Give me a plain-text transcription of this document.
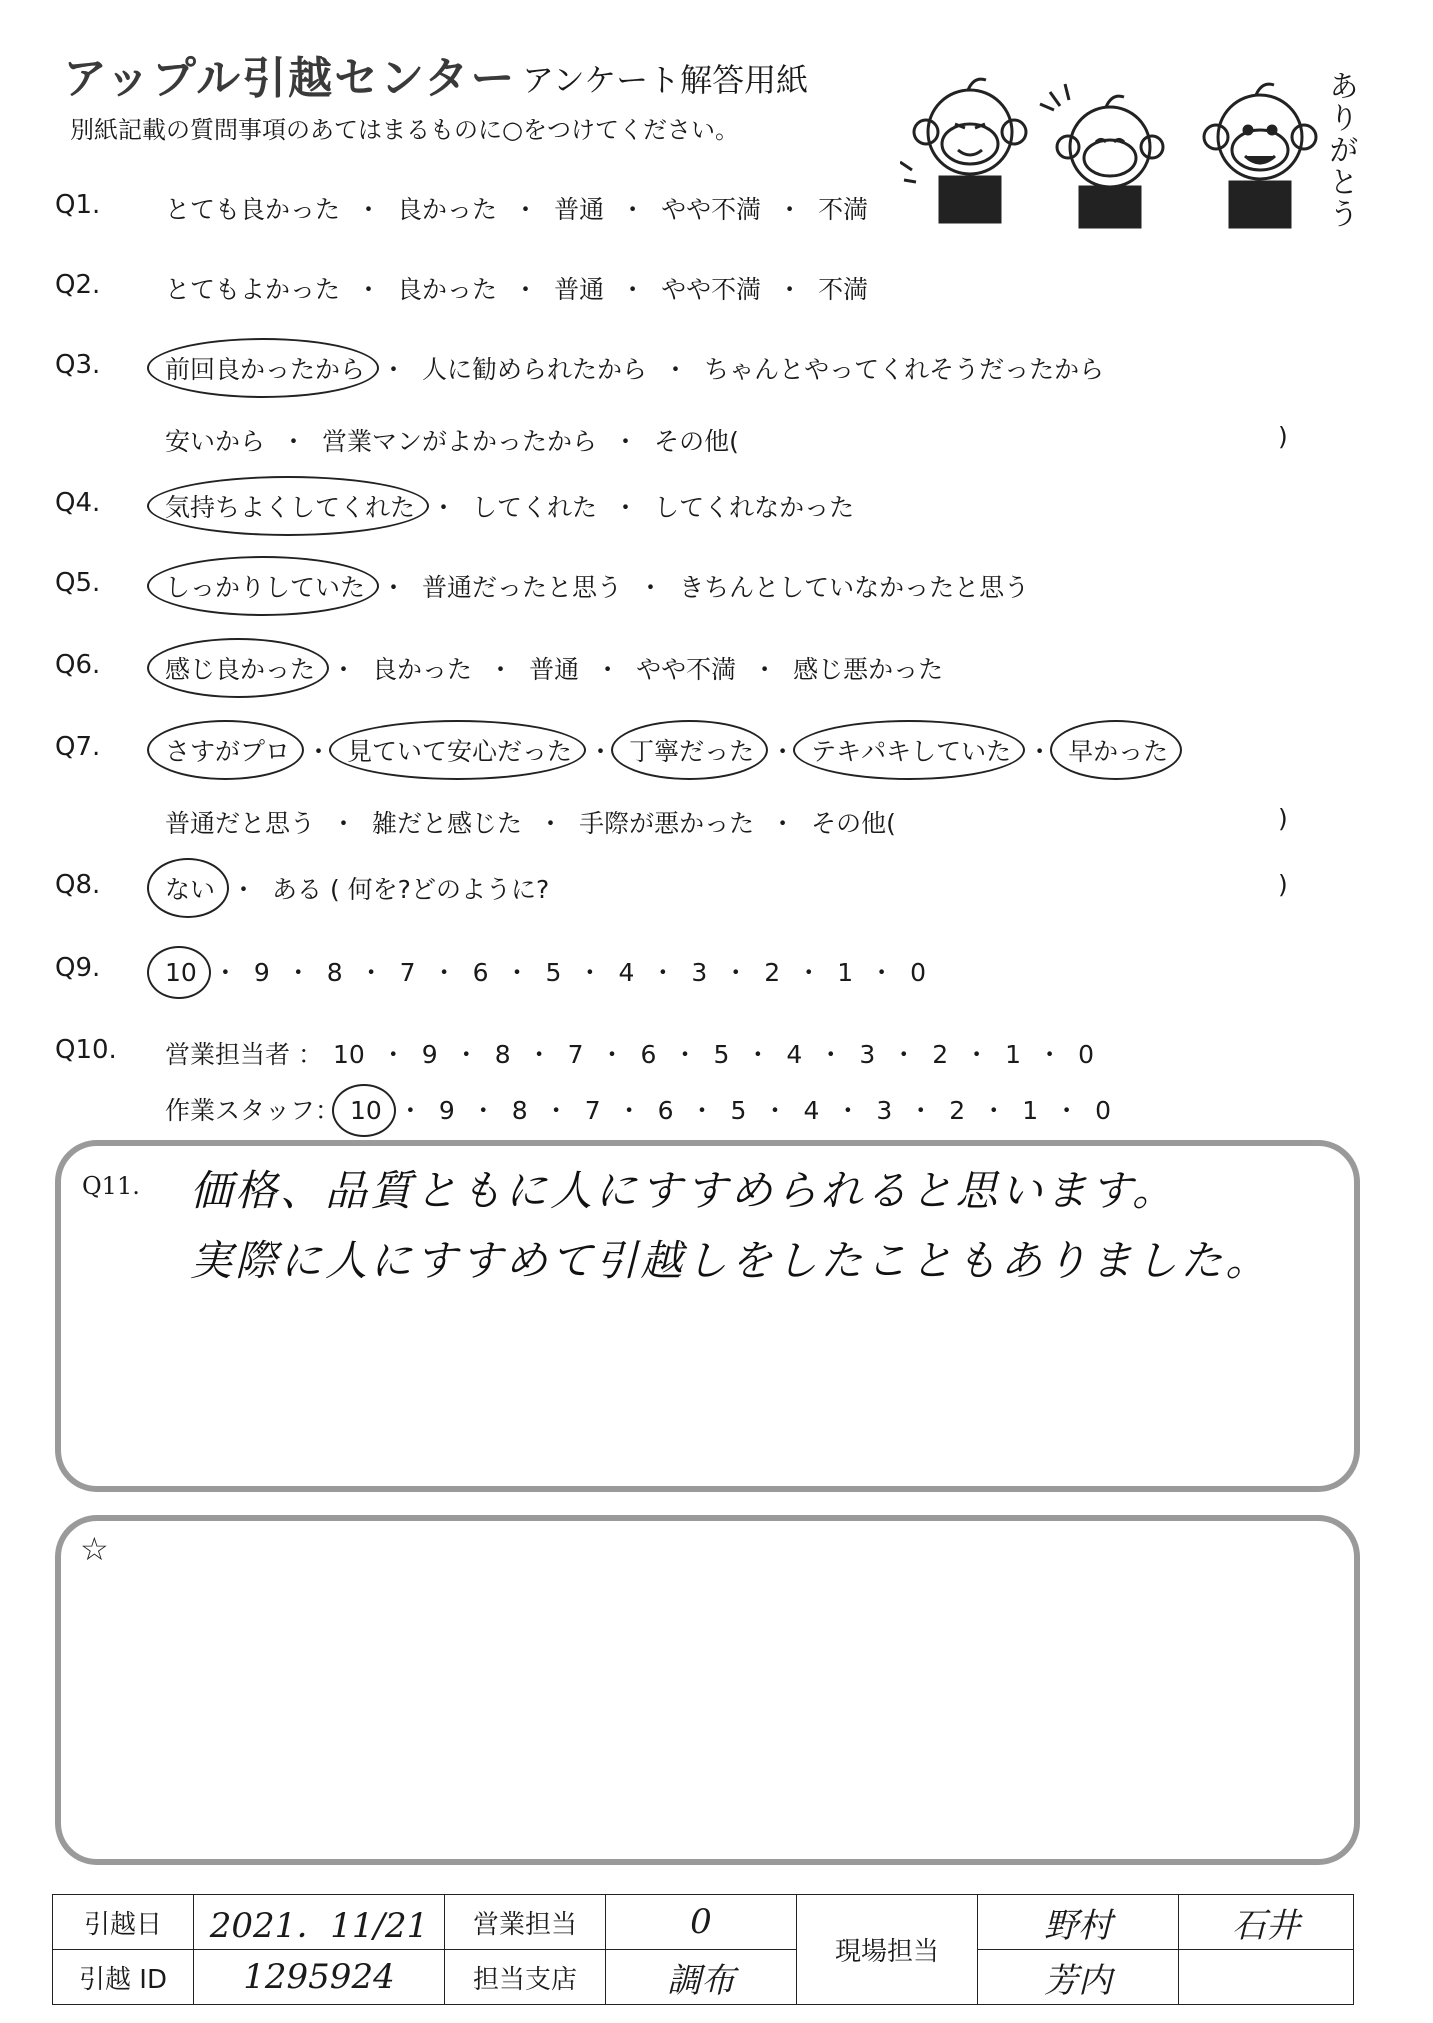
アップル引越センター アンケート解答用紙
別紙記載の質問事項のあてはまるものに○をつけてください。	ありがとう
Q1.	とても良かった ・ 良かった ・ 普通 ・ やや不満 ・ 不満
Q2.	とてもよかった ・ 良かった ・ 普通 ・ やや不満 ・ 不満
Q3.	前回良かったから ・ 人に勧められたから ・ ちゃんとやってくれそうだったから
安いから ・ 営業マンがよかったから ・ その他(	)
Q4.	気持ちよくしてくれた ・ してくれた ・ してくれなかった
Q5.	しっかりしていた ・ 普通だったと思う ・ きちんとしていなかったと思う
Q6.	感じ良かった ・ 良かった ・ 普通 ・ やや不満 ・ 感じ悪かった
Q7.	さすがプロ ・ 見ていて安心だった ・ 丁寧だった ・ テキパキしていた ・ 早かった
普通だと思う ・ 雑だと感じた ・ 手際が悪かった ・ その他(	)
Q8.	ない ・ ある ( 何を?どのように?	)
Q9.	10 ・ 9 ・ 8 ・ 7 ・ 6 ・ 5 ・ 4 ・ 3 ・ 2 ・ 1 ・ 0
Q10.	営業担当者 ： 10 ・ 9 ・ 8 ・ 7 ・ 6 ・ 5 ・ 4 ・ 3 ・ 2 ・ 1 ・ 0
作業スタッフ： 10 ・ 9 ・ 8 ・ 7 ・ 6 ・ 5 ・ 4 ・ 3 ・ 2 ・ 1 ・ 0
Q11. 価格、品質ともに人にすすめられると思います。
実際に人にすすめて引越しをしたこともありました。
☆
引越日	2021．11/21	営業担当	0	現場担当	野村	石井
引越 ID	1295924	担当支店	調布		芳内	
